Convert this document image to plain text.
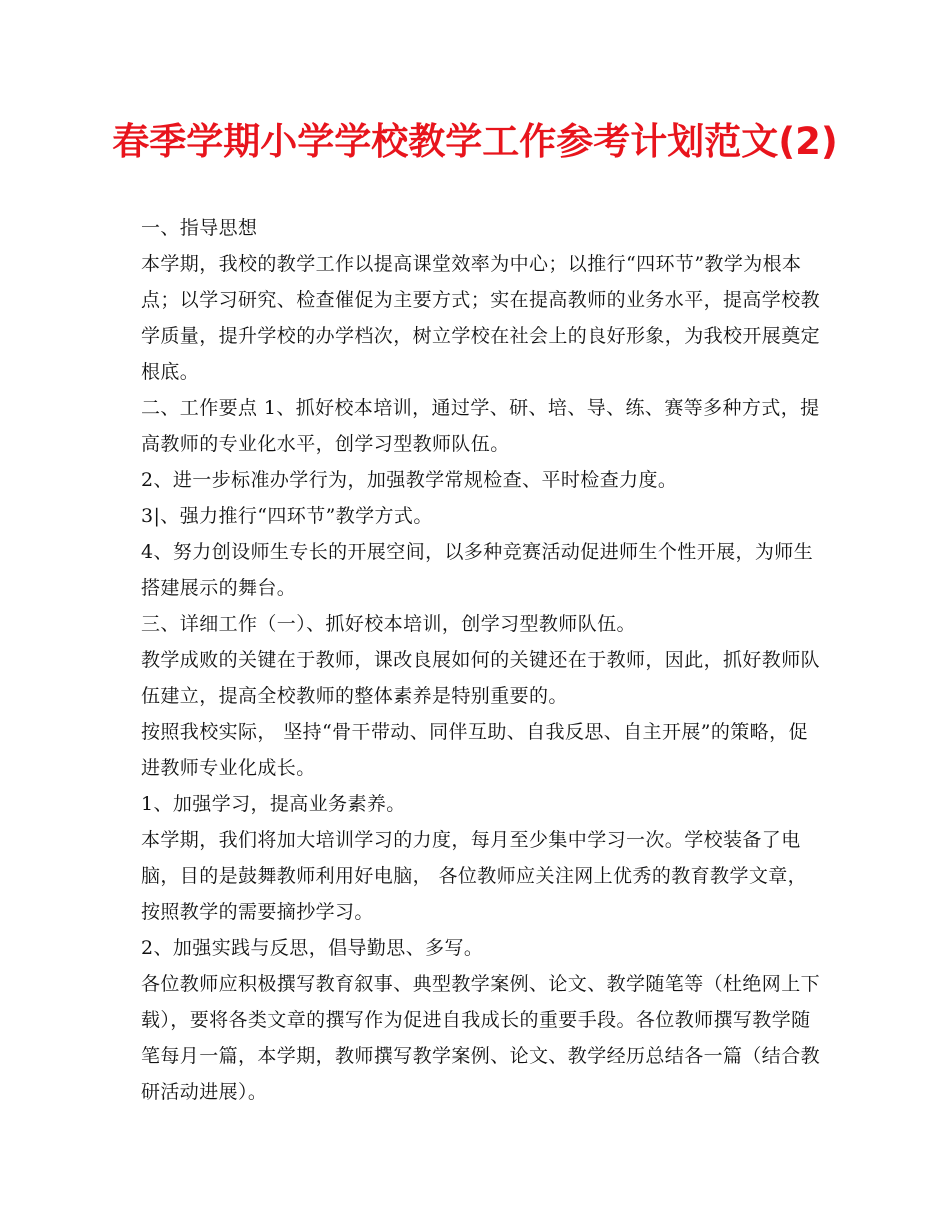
春季学期小学学校教学工作参考计划范文(2)

一、指导思想

本学期，我校的教学工作以提高课堂效率为中心；以推行“四环节”教学为根本点；以学习研究、检查催促为主要方式；实在提高教师的业务水平，提高学校教学质量，提升学校的办学档次，树立学校在社会上的良好形象，为我校开展奠定根底。

二、工作要点 1、抓好校本培训，通过学、研、培、导、练、赛等多种方式，提高教师的专业化水平，创学习型教师队伍。

2、进一步标准办学行为，加强教学常规检查、平时检查力度。

3|、强力推行“四环节”教学方式。

4、努力创设师生专长的开展空间，以多种竞赛活动促进师生个性开展，为师生搭建展示的舞台。

三、详细工作（一）、抓好校本培训，创学习型教师队伍。

教学成败的关键在于教师，课改良展如何的关键还在于教师，因此，抓好教师队伍建立，提高全校教师的整体素养是特别重要的。

按照我校实际， 坚持“骨干带动、同伴互助、自我反思、自主开展”的策略，促进教师专业化成长。

1、加强学习，提高业务素养。

本学期，我们将加大培训学习的力度，每月至少集中学习一次。学校装备了电脑，目的是鼓舞教师利用好电脑， 各位教师应关注网上优秀的教育教学文章，按照教学的需要摘抄学习。

2、加强实践与反思，倡导勤思、多写。

各位教师应积极撰写教育叙事、典型教学案例、论文、教学随笔等（杜绝网上下载），要将各类文章的撰写作为促进自我成长的重要手段。各位教师撰写教学随笔每月一篇，本学期，教师撰写教学案例、论文、教学经历总结各一篇（结合教研活动进展）。
